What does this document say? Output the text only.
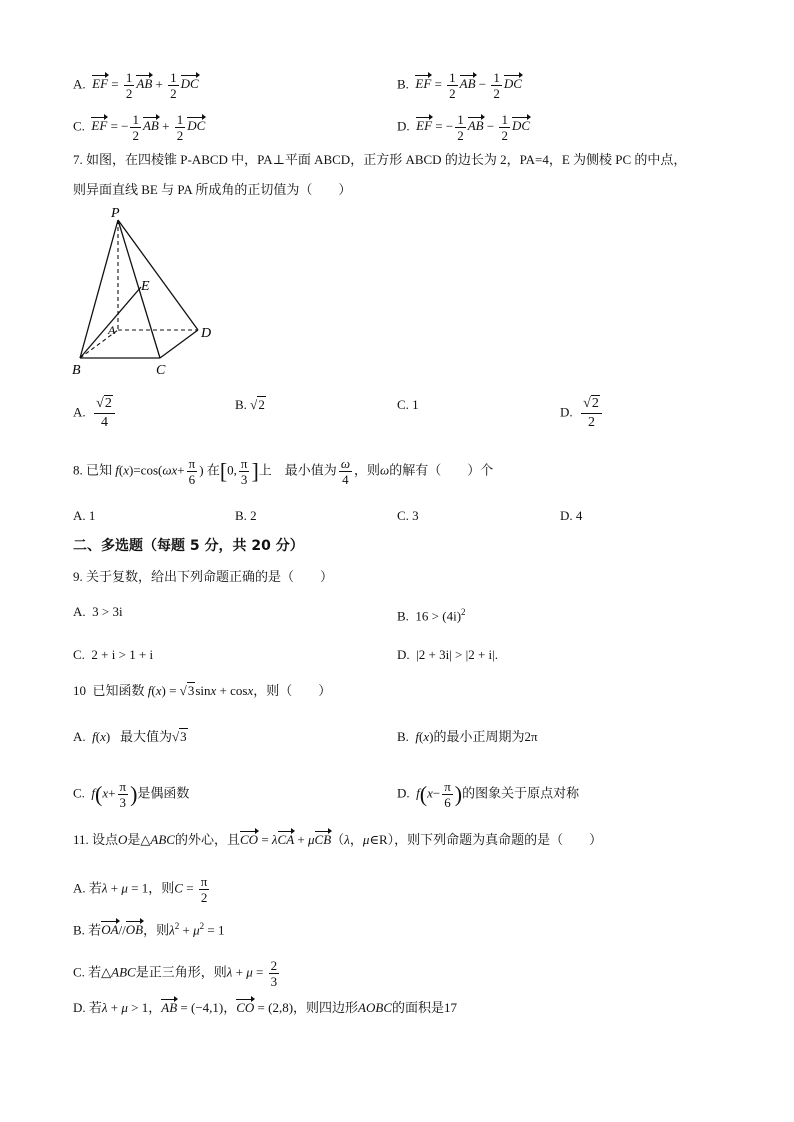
A. EF = $\frac{1}{2}$ AB + $\frac{1}{2}$ DC	B. EF = $\frac{1}{2}$ AB − $\frac{1}{2}$ DC
C. EF = − $\frac{1}{2}$ AB + $\frac{1}{2}$ DC	D. EF = − $\frac{1}{2}$ AB − $\frac{1}{2}$ DC
7. 如图，在四棱锥 P-ABCD 中，PA⊥平面 ABCD，正方形 ABCD 的边长为 2，PA=4，E 为侧棱 PC 的中点，
则异面直线 BE 与 PA 所成角的正切值为（　　）
P
E
A	D
B	C
A. $\frac{√2}{4}$	B. √2	C. 1	D. $\frac{√2}{2}$
8. 已知 $f(x)=\cos(\omega x+ \frac{\pi}{6}$ ) 在[0, $\frac{\pi}{3}$ ]上　最小值为 $\frac{\omega}{4}$ ，则ω的解有（　　）个
A. 1	B. 2	C. 3	D. 4
二、多选题（每题 5 分，共 20 分）
9. 关于复数，给出下列命题正确的是（　　）
A.  3 > 3i	B.  $16 > (4i)^2$
C.  2 + i > 1 + i	D.  |2 + 3i| > |2 + i|.
10  已知函数 f(x) = √3sinx + cosx，则（　　）
A. f(x)   最大值为√3	B. f(x)的最小正周期为2π
C. $f(x+ \frac{\pi}{3}$ )是偶函数	D. $f(x- \frac{\pi}{6}$ )的图象关于原点对称
11. 设点O是△ABC的外心，且CO = λCA + μCB（λ，μ∈R），则下列命题为真命题的是（　　）
A. 若λ + μ = 1，则$C = \frac{\pi}{2}$
B. 若OA//OB，则$\lambda^2 + \mu^2 = 1$
C. 若△ABC是正三角形，则$\lambda + \mu = \frac{2}{3}$
D. 若λ + μ > 1，AB = (−4,1)，CO = (2,8)，则四边形AOBC的面积是17
